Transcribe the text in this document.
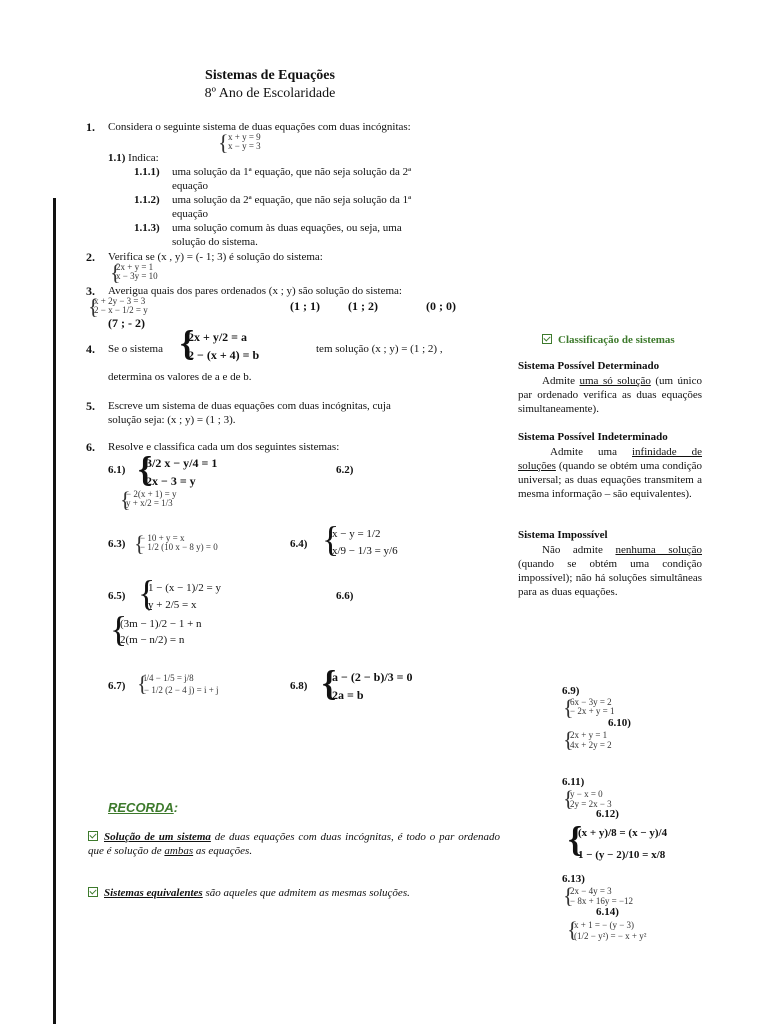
Sistemas de Equações
8º Ano de Escolaridade
1. Considera o seguinte sistema de duas equações com duas incógnitas:
{ x + y = 9
x − y = 3
1.1) Indica:
1.1.1) uma solução da 1ª equação, que não seja solução da 2ª
equação
1.1.2) uma solução da 2ª equação, que não seja solução da 1ª
equação
1.1.3) uma solução comum às duas equações, ou seja, uma
solução do sistema.
2. Verifica se (x , y) = (- 1; 3) é solução do sistema:
{
2x + y = 1
x − 3y = 10
3. Averigua quais dos pares ordenados (x ; y) são solução do sistema:
{
x + 2y − 3 = 3
2 − x − 1/2 = y	(1 ; 1) (1 ; 2)	(0 ; 0)
(7 ; - 2)
4. Se o sistema {
2x + y/2 = a
2 − (x + 4) = b	tem solução (x ; y) = (1 ; 2) ,
determina os valores de a e de b.
5. Escreve um sistema de duas equações com duas incógnitas, cuja
solução seja: (x ; y) = (1 ; 3).
6. Resolve e classifica cada um dos seguintes sistemas:
6.1) {
3/2 x − y/4 = 1
2x − 3 = y
6.2)
{
− 2(x + 1) = y
y + x/2 = 1/3
6.3) {
− 10 + y = x
− 1/2 (10 x − 8 y) = 0	6.4) {
x − y = 1/2
x/9 − 1/3 = y/6
6.5) {
1 − (x − 1)/2 = y
y + 2/5 = x
6.6)
{
(3m − 1)/2 − 1 + n
2(m − n/2) = n
6.7) {
i/4 − 1/5 = j/8
− 1/2 (2 − 4 j) = i + j	6.8) {
a − (2 − b)/3 = 0
2a = b
RECORDA:
Solução de um sistema de duas equações com duas incógnitas, é todo o par ordenado que é solução de ambas as equações.
Sistemas equivalentes são aqueles que admitem as mesmas soluções.
Classificação de sistemas
Sistema Possível Determinado
Admite uma só solução (um único par ordenado verifica as duas equações simultaneamente).
Sistema Possível Indeterminado
Admite uma infinidade de soluções (quando se obtém uma condição universal; as duas equações transmitem a mesma informação – são equivalentes).
Sistema Impossível
Não admite nenhuma solução (quando se obtém uma condição impossível); não há soluções simultâneas para as duas equações.
6.9)
{
6x − 3y = 2
− 2x + y = 1
6.10)
{
2x + y = 1
4x + 2y = 2
6.11)
{
y − x = 0
2y = 2x − 3
6.12)
{
(x + y)/8 = (x − y)/4
1 − (y − 2)/10 = x/8
6.13)
{
2x − 4y = 3
− 8x + 16y = −12
6.14)
{
x + 1 = − (y − 3)
(1/2 − y²) = − x + y²
